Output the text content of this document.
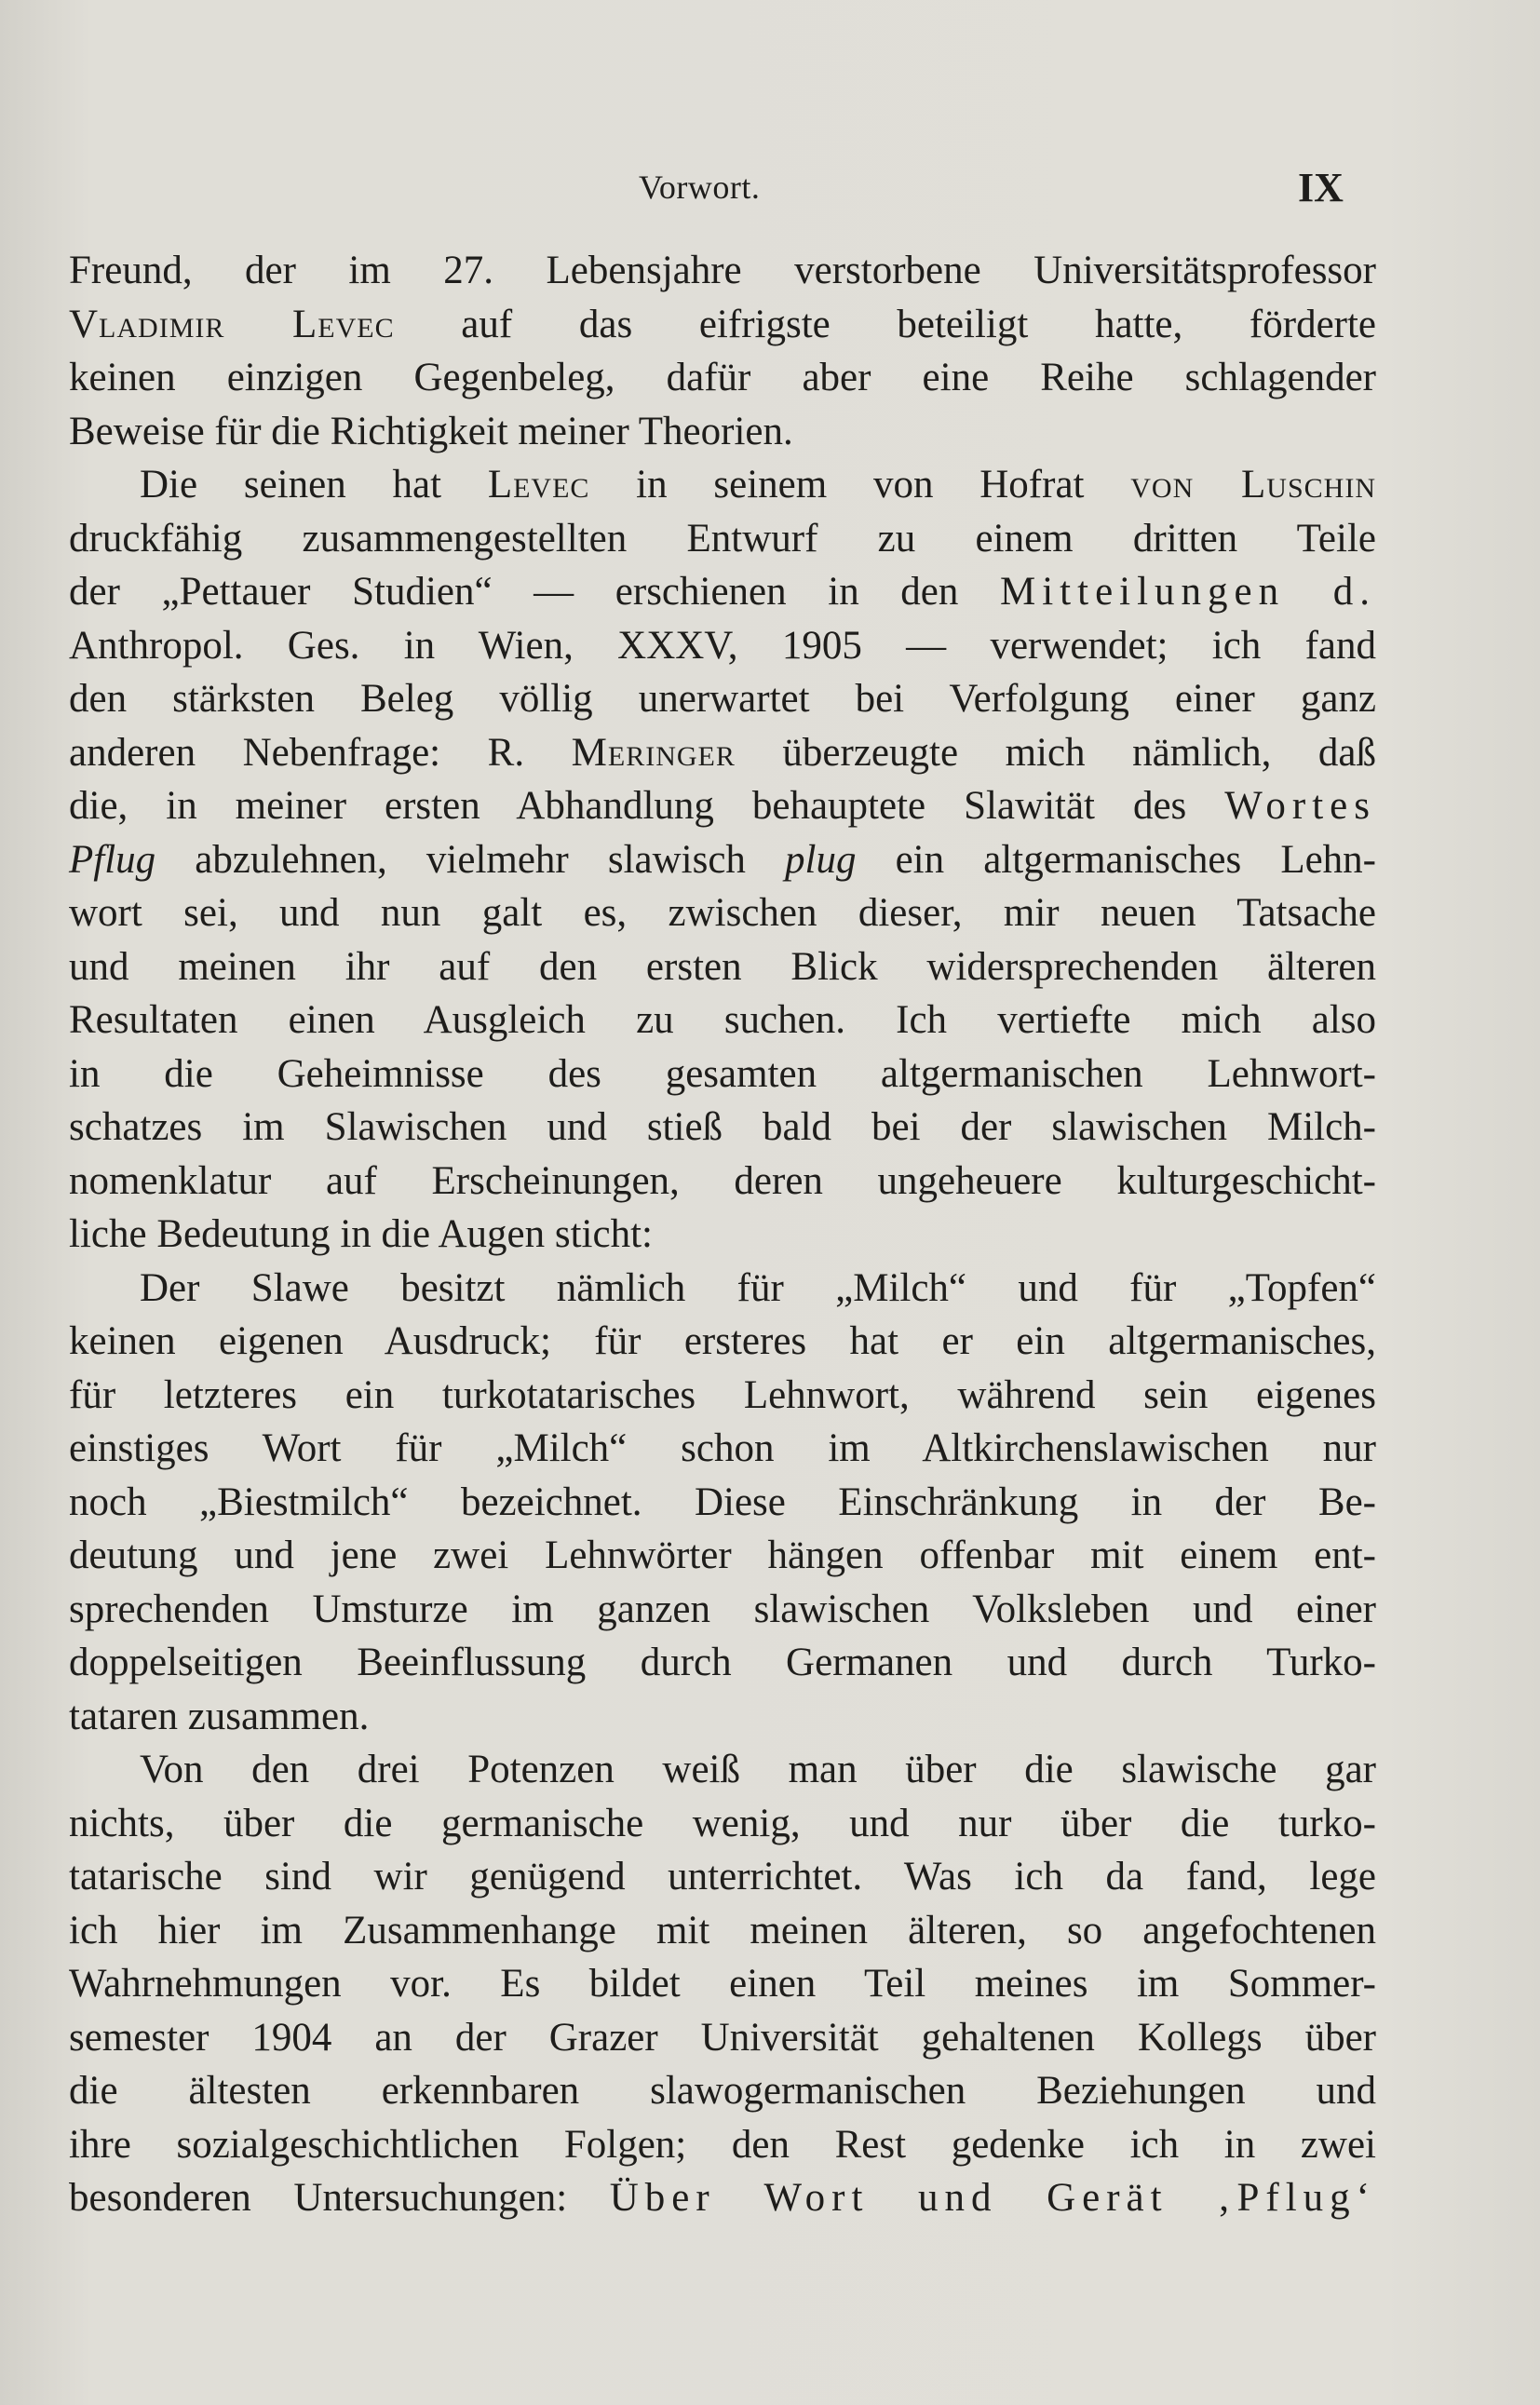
Vorwort.	IX
Freund, der im 27. Lebensjahre verstorbene Universitätsprofessor
Vladimir Levec auf das eifrigste beteiligt hatte, förderte
keinen einzigen Gegenbeleg, dafür aber eine Reihe schlagender
Beweise für die Richtigkeit meiner Theorien.
Die seinen hat Levec in seinem von Hofrat von Luschin
druckfähig zusammengestellten Entwurf zu einem dritten Teile
der „Pettauer Studien“ — erschienen in den Mitteilungen d.
Anthropol. Ges. in Wien, XXXV, 1905 — verwendet; ich fand
den stärksten Beleg völlig unerwartet bei Verfolgung einer ganz
anderen Nebenfrage: R. Meringer überzeugte mich nämlich, daß
die, in meiner ersten Abhandlung behauptete Slawität des Wortes
Pflug abzulehnen, vielmehr slawisch plug ein altgermanisches Lehn-
wort sei, und nun galt es, zwischen dieser, mir neuen Tatsache
und meinen ihr auf den ersten Blick widersprechenden älteren
Resultaten einen Ausgleich zu suchen. Ich vertiefte mich also
in die Geheimnisse des gesamten altgermanischen Lehnwort-
schatzes im Slawischen und stieß bald bei der slawischen Milch-
nomenklatur auf Erscheinungen, deren ungeheuere kulturgeschicht-
liche Bedeutung in die Augen sticht:
Der Slawe besitzt nämlich für „Milch“ und für „Topfen“
keinen eigenen Ausdruck; für ersteres hat er ein altgermanisches,
für letzteres ein turkotatarisches Lehnwort, während sein eigenes
einstiges Wort für „Milch“ schon im Altkirchenslawischen nur
noch „Biestmilch“ bezeichnet. Diese Einschränkung in der Be-
deutung und jene zwei Lehnwörter hängen offenbar mit einem ent-
sprechenden Umsturze im ganzen slawischen Volksleben und einer
doppelseitigen Beeinflussung durch Germanen und durch Turko-
tataren zusammen.
Von den drei Potenzen weiß man über die slawische gar
nichts, über die germanische wenig, und nur über die turko-
tatarische sind wir genügend unterrichtet. Was ich da fand, lege
ich hier im Zusammenhange mit meinen älteren, so angefochtenen
Wahrnehmungen vor. Es bildet einen Teil meines im Sommer-
semester 1904 an der Grazer Universität gehaltenen Kollegs über
die ältesten erkennbaren slawogermanischen Beziehungen und
ihre sozialgeschichtlichen Folgen; den Rest gedenke ich in zwei
besonderen Untersuchungen: Über Wort und Gerät ‚Pflug‘
